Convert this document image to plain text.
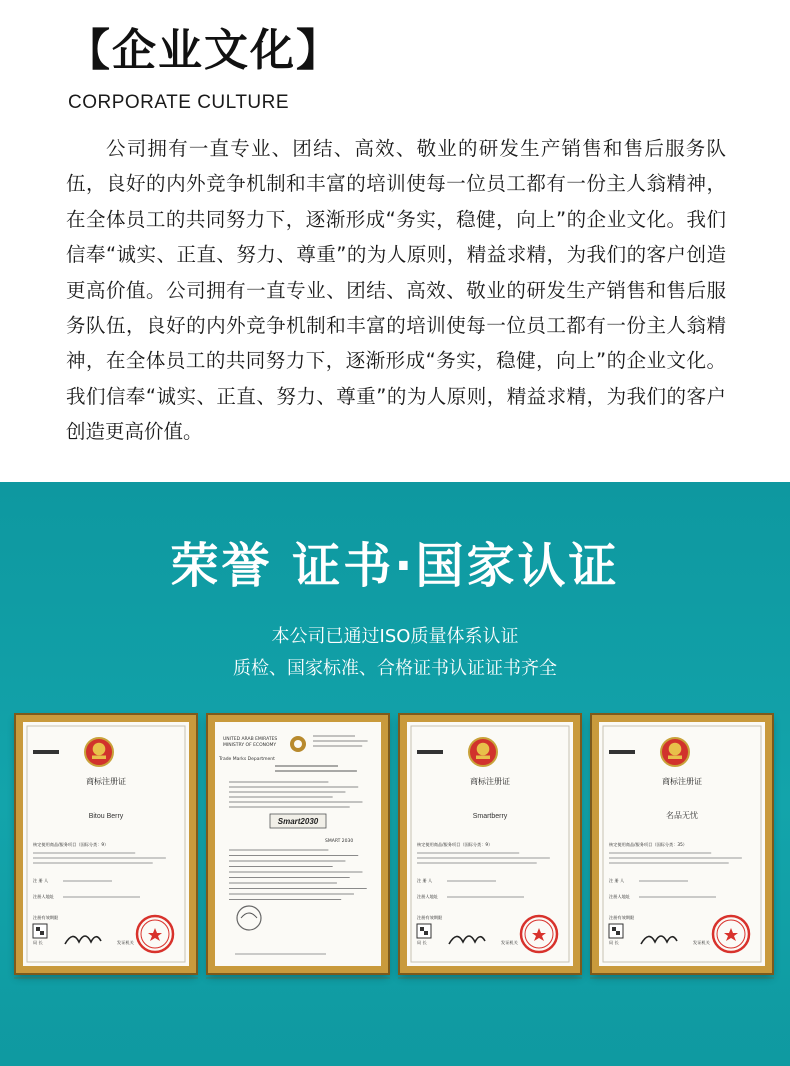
【企业文化】
CORPORATE CULTURE

公司拥有一直专业、团结、高效、敬业的研发生产销售和售后服务队伍，良好的内外竞争机制和丰富的培训使每一位员工都有一份主人翁精神，在全体员工的共同努力下，逐渐形成“务实，稳健，向上”的企业文化。我们信奉“诚实、正直、努力、尊重”的为人原则，精益求精，为我们的客户创造更高价值。公司拥有一直专业、团结、高效、敬业的研发生产销售和售后服务队伍，良好的内外竞争机制和丰富的培训使每一位员工都有一份主人翁精神，在全体员工的共同努力下，逐渐形成“务实，稳健，向上”的企业文化。我们信奉“诚实、正直、努力、尊重”的为人原则，精益求精，为我们的客户创造更高价值。

荣誉 证书·国家认证
本公司已通过ISO质量体系认证
质检、国家标准、合格证书认证证书齐全
商标注册证
Bitou Berry
核定使用商品/服务项目（国际分类：9）
注 册 人
注册人地址
注册有效期限
局 长	发证机关
UNITED ARAB EMIRATES
MINISTRY OF ECONOMY
Trade Marks Department
Smart2030
SMART 2030
商标注册证
Smartberry
核定使用商品/服务项目（国际分类：9）
注 册 人
注册人地址
注册有效期限
局 长	发证机关
商标注册证
名品无忧
核定使用商品/服务项目（国际分类：35）
注 册 人
注册人地址
注册有效期限
局 长	发证机关
